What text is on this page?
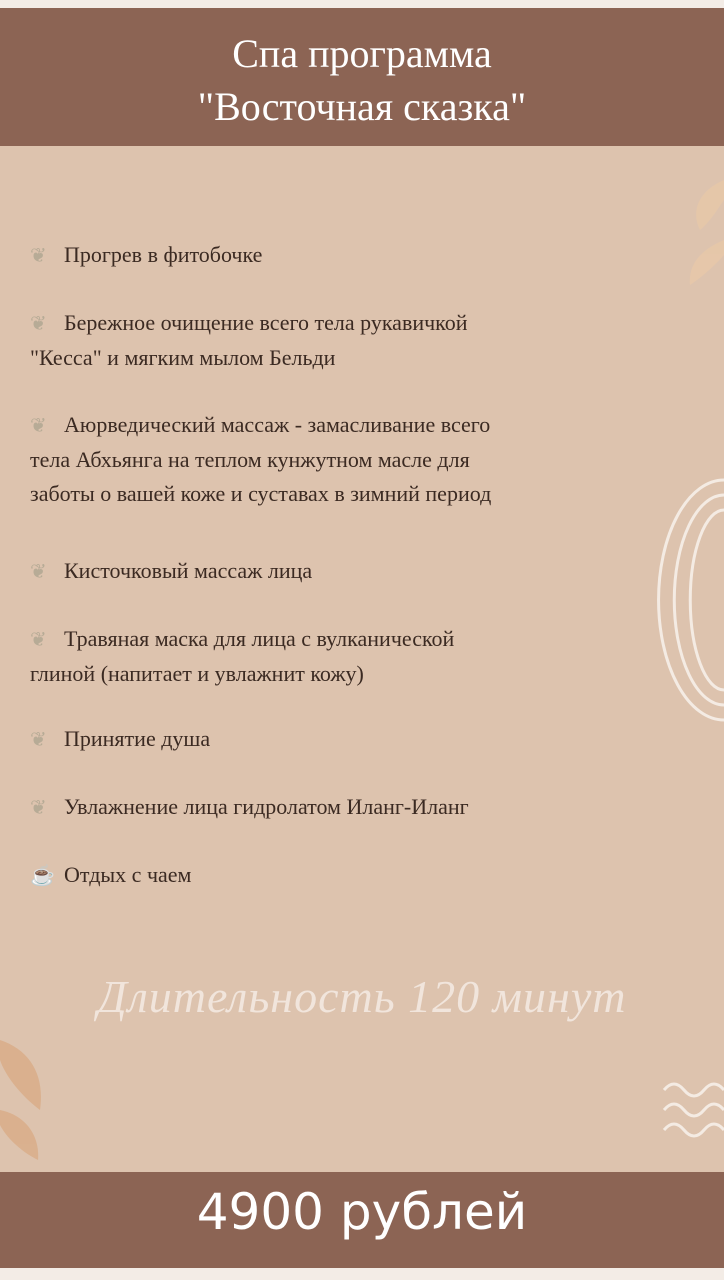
Спа программа
"Восточная сказка"
❦ Прогрев в фитобочке
❦ Бережное очищение всего тела рукавичкой
"Кесса" и мягким мылом Бельди
❦ Аюрведический массаж - замасливание всего
тела Абхьянга на теплом кунжутном масле для
заботы о вашей коже и суставах в зимний период
❦ Кисточковый массаж лица
❦ Травяная маска для лица с вулканической
глиной (напитает и увлажнит кожу)
❦ Принятие душа
❦ Увлажнение лица гидролатом Иланг-Иланг
☕ Отдых с чаем
Длительность 120 минут
4900 рублей
